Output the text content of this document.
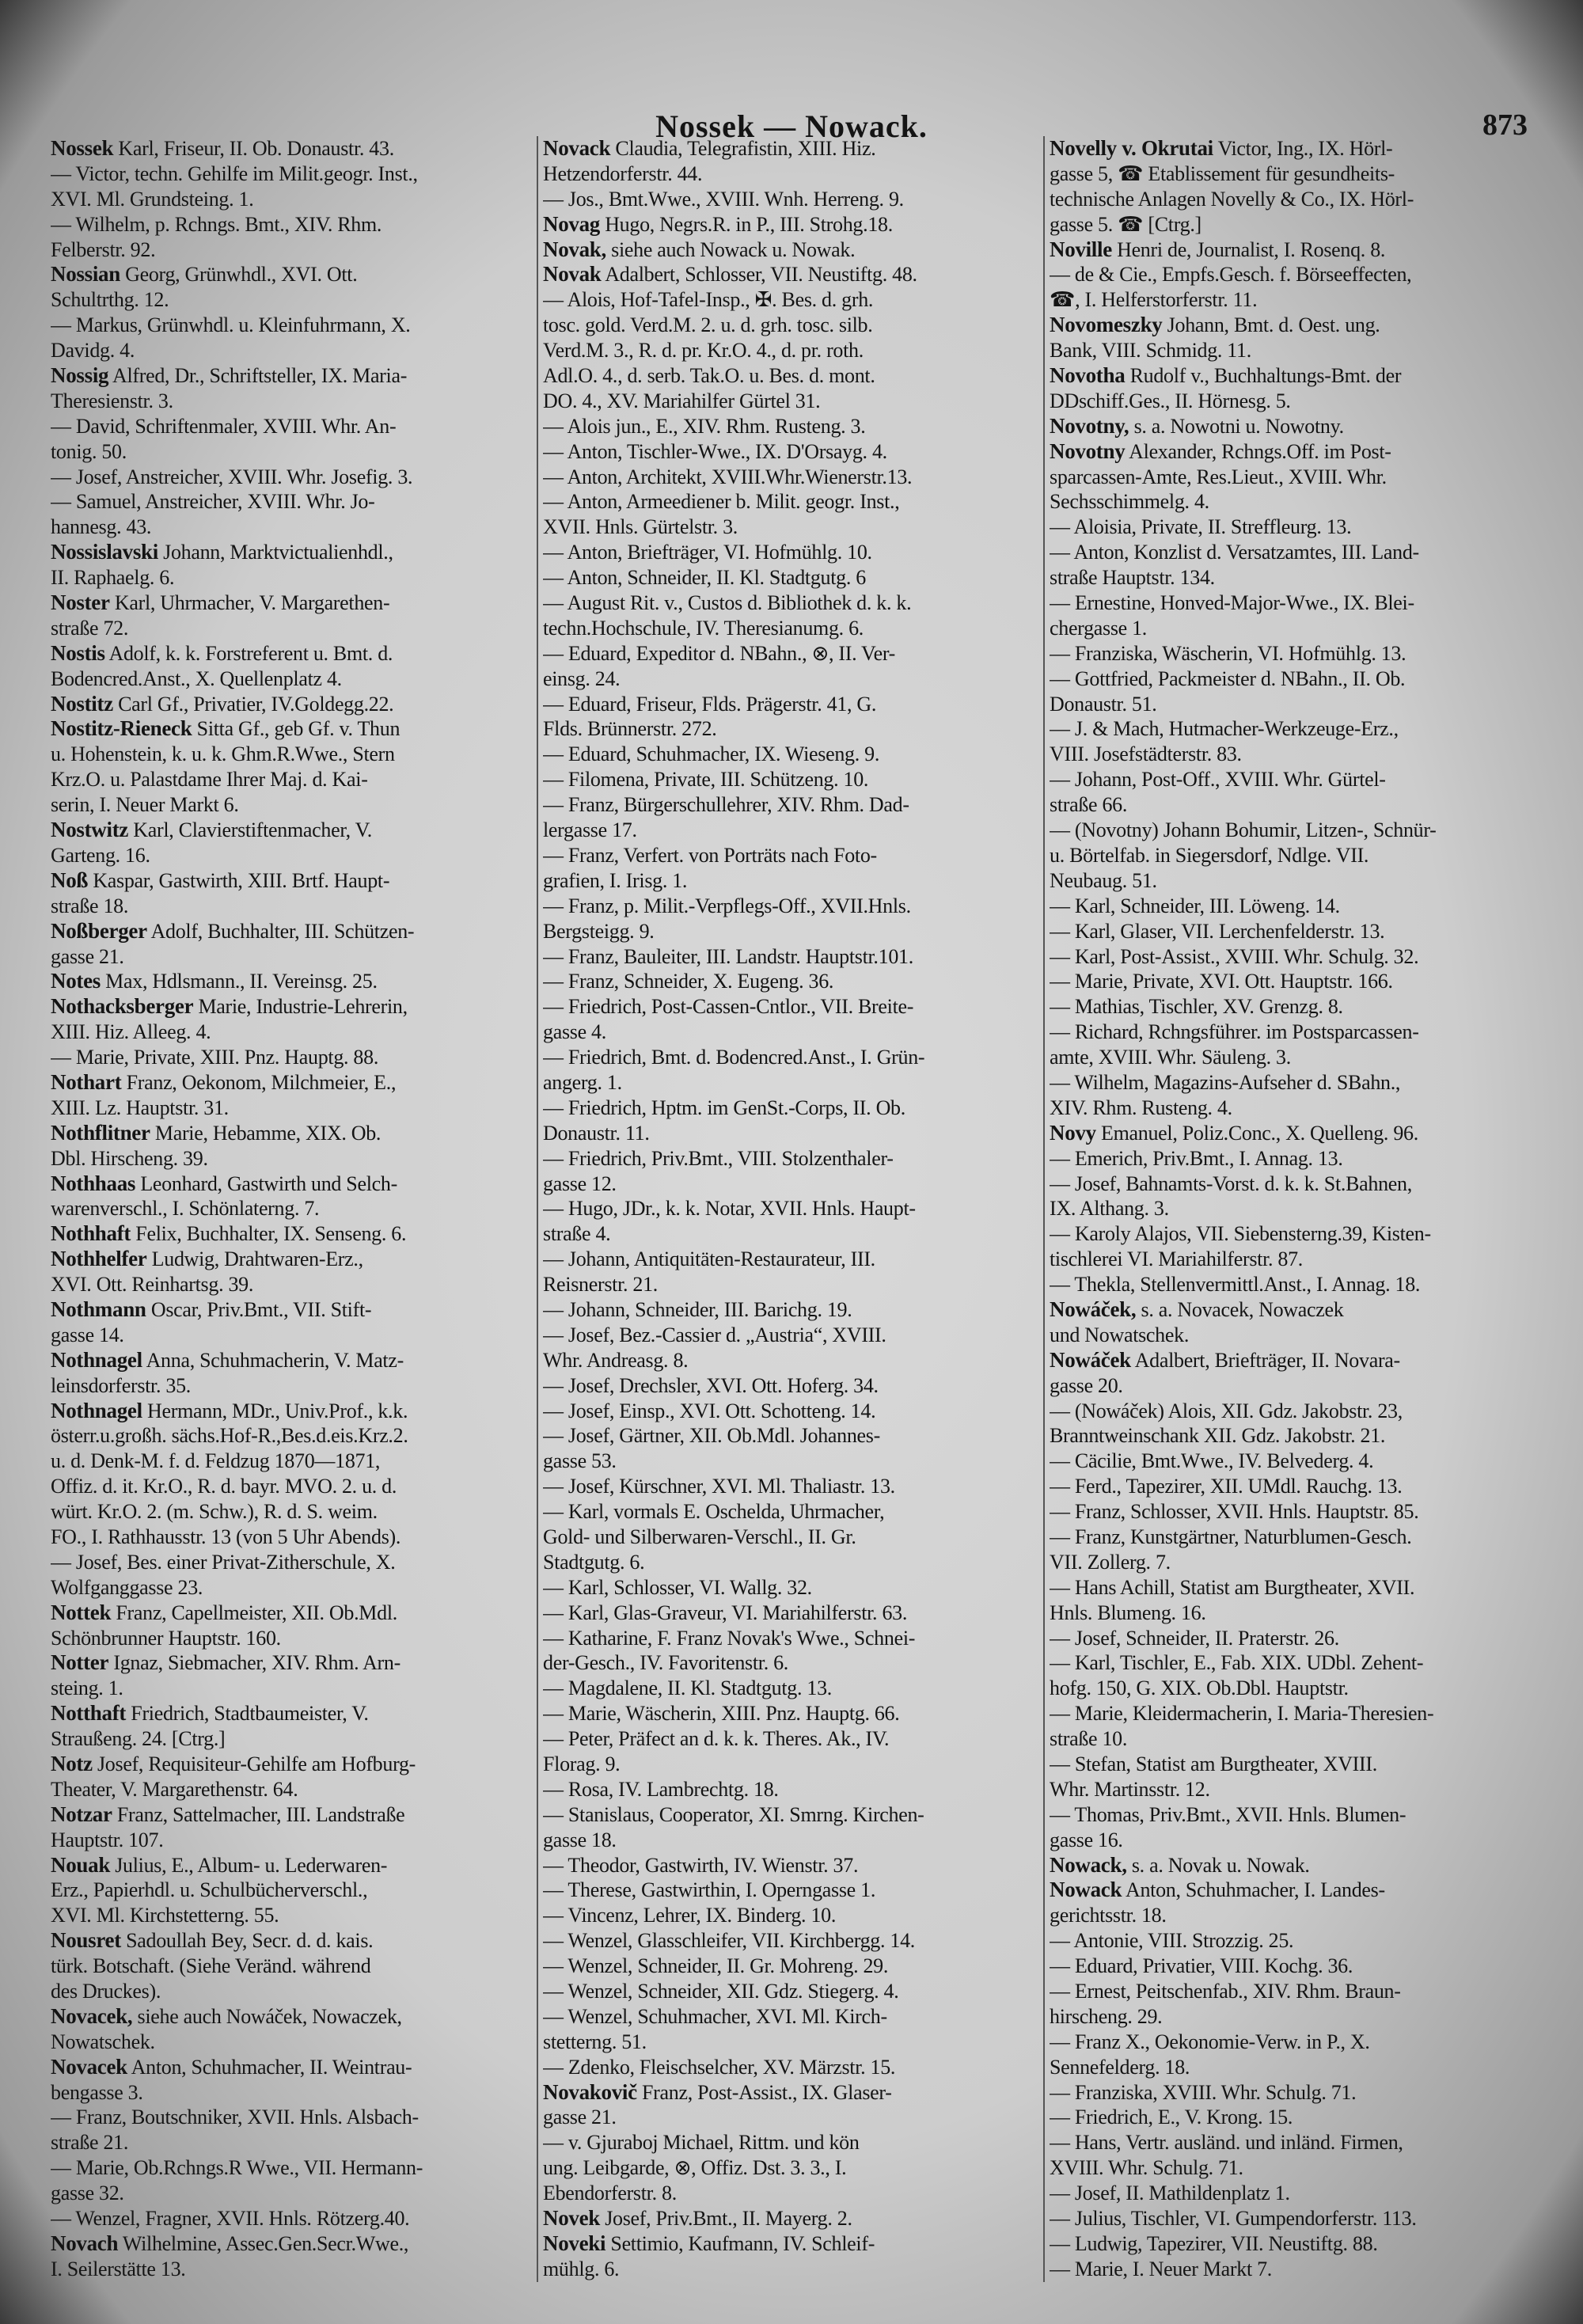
Nossek — Nowack.	873
Nossek Karl, Friseur, II. Ob. Donaustr. 43.
— Victor, techn. Gehilfe im Milit.geogr. Inst.,
XVI. Ml. Grundsteing. 1.
— Wilhelm, p. Rchngs. Bmt., XIV. Rhm.
Felberstr. 92.
Nossian Georg, Grünwhdl., XVI. Ott.
Schultrthg. 12.
— Markus, Grünwhdl. u. Kleinfuhrmann, X.
Davidg. 4.
Nossig Alfred, Dr., Schriftsteller, IX. Maria-
Theresienstr. 3.
— David, Schriftenmaler, XVIII. Whr. An-
tonig. 50.
— Josef, Anstreicher, XVIII. Whr. Josefig. 3.
— Samuel, Anstreicher, XVIII. Whr. Jo-
hannesg. 43.
Nossislavski Johann, Marktvictualienhdl.,
II. Raphaelg. 6.
Noster Karl, Uhrmacher, V. Margarethen-
straße 72.
Nostis Adolf, k. k. Forstreferent u. Bmt. d.
Bodencred.Anst., X. Quellenplatz 4.
Nostitz Carl Gf., Privatier, IV.Goldegg.22.
Nostitz-Rieneck Sitta Gf., geb Gf. v. Thun
u. Hohenstein, k. u. k. Ghm.R.Wwe., Stern
Krz.O. u. Palastdame Ihrer Maj. d. Kai-
serin, I. Neuer Markt 6.
Nostwitz Karl, Clavierstiftenmacher, V.
Garteng. 16.
Noß Kaspar, Gastwirth, XIII. Brtf. Haupt-
straße 18.
Noßberger Adolf, Buchhalter, III. Schützen-
gasse 21.
Notes Max, Hdlsmann., II. Vereinsg. 25.
Nothacksberger Marie, Industrie-Lehrerin,
XIII. Hiz. Alleeg. 4.
— Marie, Private, XIII. Pnz. Hauptg. 88.
Nothart Franz, Oekonom, Milchmeier, E.,
XIII. Lz. Hauptstr. 31.
Nothflitner Marie, Hebamme, XIX. Ob.
Dbl. Hirscheng. 39.
Nothhaas Leonhard, Gastwirth und Selch-
warenverschl., I. Schönlaterng. 7.
Nothhaft Felix, Buchhalter, IX. Senseng. 6.
Nothhelfer Ludwig, Drahtwaren-Erz.,
XVI. Ott. Reinhartsg. 39.
Nothmann Oscar, Priv.Bmt., VII. Stift-
gasse 14.
Nothnagel Anna, Schuhmacherin, V. Matz-
leinsdorferstr. 35.
Nothnagel Hermann, MDr., Univ.Prof., k.k.
österr.u.großh. sächs.Hof-R.,Bes.d.eis.Krz.2.
u. d. Denk-M. f. d. Feldzug 1870—1871,
Offiz. d. it. Kr.O., R. d. bayr. MVO. 2. u. d.
würt. Kr.O. 2. (m. Schw.), R. d. S. weim.
FO., I. Rathhausstr. 13 (von 5 Uhr Abends).
— Josef, Bes. einer Privat-Zitherschule, X.
Wolfganggasse 23.
Nottek Franz, Capellmeister, XII. Ob.Mdl.
Schönbrunner Hauptstr. 160.
Notter Ignaz, Siebmacher, XIV. Rhm. Arn-
steing. 1.
Notthaft Friedrich, Stadtbaumeister, V.
Straußeng. 24. [Ctrg.]
Notz Josef, Requisiteur-Gehilfe am Hofburg-
Theater, V. Margarethenstr. 64.
Notzar Franz, Sattelmacher, III. Landstraße
Hauptstr. 107.
Nouak Julius, E., Album- u. Lederwaren-
Erz., Papierhdl. u. Schulbücherverschl.,
XVI. Ml. Kirchstetterng. 55.
Nousret Sadoullah Bey, Secr. d. d. kais.
türk. Botschaft. (Siehe Veränd. während
des Druckes).
Novacek, siehe auch Nowáček, Nowaczek,
Nowatschek.
Novacek Anton, Schuhmacher, II. Weintrau-
bengasse 3.
— Franz, Boutschniker, XVII. Hnls. Alsbach-
straße 21.
— Marie, Ob.Rchngs.R Wwe., VII. Hermann-
gasse 32.
— Wenzel, Fragner, XVII. Hnls. Rötzerg.40.
Novach Wilhelmine, Assec.Gen.Secr.Wwe.,
I. Seilerstätte 13.
Novack Claudia, Telegrafistin, XIII. Hiz.
Hetzendorferstr. 44.
— Jos., Bmt.Wwe., XVIII. Wnh. Herreng. 9.
Novag Hugo, Negrs.R. in P., III. Strohg.18.
Novak, siehe auch Nowack u. Nowak.
Novak Adalbert, Schlosser, VII. Neustiftg. 48.
— Alois, Hof-Tafel-Insp., ✠. Bes. d. grh.
tosc. gold. Verd.M. 2. u. d. grh. tosc. silb.
Verd.M. 3., R. d. pr. Kr.O. 4., d. pr. roth.
Adl.O. 4., d. serb. Tak.O. u. Bes. d. mont.
DO. 4., XV. Mariahilfer Gürtel 31.
— Alois jun., E., XIV. Rhm. Rusteng. 3.
— Anton, Tischler-Wwe., IX. D'Orsayg. 4.
— Anton, Architekt, XVIII.Whr.Wienerstr.13.
— Anton, Armeediener b. Milit. geogr. Inst.,
XVII. Hnls. Gürtelstr. 3.
— Anton, Briefträger, VI. Hofmühlg. 10.
— Anton, Schneider, II. Kl. Stadtgutg. 6
— August Rit. v., Custos d. Bibliothek d. k. k.
techn.Hochschule, IV. Theresianumg. 6.
— Eduard, Expeditor d. NBahn., ⊗, II. Ver-
einsg. 24.
— Eduard, Friseur, Flds. Prägerstr. 41, G.
Flds. Brünnerstr. 272.
— Eduard, Schuhmacher, IX. Wieseng. 9.
— Filomena, Private, III. Schützeng. 10.
— Franz, Bürgerschullehrer, XIV. Rhm. Dad-
lergasse 17.
— Franz, Verfert. von Porträts nach Foto-
grafien, I. Irisg. 1.
— Franz, p. Milit.-Verpflegs-Off., XVII.Hnls.
Bergsteigg. 9.
— Franz, Bauleiter, III. Landstr. Hauptstr.101.
— Franz, Schneider, X. Eugeng. 36.
— Friedrich, Post-Cassen-Cntlor., VII. Breite-
gasse 4.
— Friedrich, Bmt. d. Bodencred.Anst., I. Grün-
angerg. 1.
— Friedrich, Hptm. im GenSt.-Corps, II. Ob.
Donaustr. 11.
— Friedrich, Priv.Bmt., VIII. Stolzenthaler-
gasse 12.
— Hugo, JDr., k. k. Notar, XVII. Hnls. Haupt-
straße 4.
— Johann, Antiquitäten-Restaurateur, III.
Reisnerstr. 21.
— Johann, Schneider, III. Barichg. 19.
— Josef, Bez.-Cassier d. „Austria“, XVIII.
Whr. Andreasg. 8.
— Josef, Drechsler, XVI. Ott. Hoferg. 34.
— Josef, Einsp., XVI. Ott. Schotteng. 14.
— Josef, Gärtner, XII. Ob.Mdl. Johannes-
gasse 53.
— Josef, Kürschner, XVI. Ml. Thaliastr. 13.
— Karl, vormals E. Oschelda, Uhrmacher,
Gold- und Silberwaren-Verschl., II. Gr.
Stadtgutg. 6.
— Karl, Schlosser, VI. Wallg. 32.
— Karl, Glas-Graveur, VI. Mariahilferstr. 63.
— Katharine, F. Franz Novak's Wwe., Schnei-
der-Gesch., IV. Favoritenstr. 6.
— Magdalene, II. Kl. Stadtgutg. 13.
— Marie, Wäscherin, XIII. Pnz. Hauptg. 66.
— Peter, Präfect an d. k. k. Theres. Ak., IV.
Florag. 9.
— Rosa, IV. Lambrechtg. 18.
— Stanislaus, Cooperator, XI. Smrng. Kirchen-
gasse 18.
— Theodor, Gastwirth, IV. Wienstr. 37.
— Therese, Gastwirthin, I. Operngasse 1.
— Vincenz, Lehrer, IX. Binderg. 10.
— Wenzel, Glasschleifer, VII. Kirchbergg. 14.
— Wenzel, Schneider, II. Gr. Mohreng. 29.
— Wenzel, Schneider, XII. Gdz. Stiegerg. 4.
— Wenzel, Schuhmacher, XVI. Ml. Kirch-
stetterng. 51.
— Zdenko, Fleischselcher, XV. Märzstr. 15.
Novakovič Franz, Post-Assist., IX. Glaser-
gasse 21.
— v. Gjuraboj Michael, Rittm. und kön
ung. Leibgarde, ⊗, Offiz. Dst. 3. 3., I.
Ebendorferstr. 8.
Novek Josef, Priv.Bmt., II. Mayerg. 2.
Noveki Settimio, Kaufmann, IV. Schleif-
mühlg. 6.
Novelly v. Okrutai Victor, Ing., IX. Hörl-
gasse 5, ☎ Etablissement für gesundheits-
technische Anlagen Novelly & Co., IX. Hörl-
gasse 5. ☎ [Ctrg.]
Noville Henri de, Journalist, I. Rosenq. 8.
— de & Cie., Empfs.Gesch. f. Börseeffecten,
☎, I. Helferstorferstr. 11.
Novomeszky Johann, Bmt. d. Oest. ung.
Bank, VIII. Schmidg. 11.
Novotha Rudolf v., Buchhaltungs-Bmt. der
DDschiff.Ges., II. Hörnesg. 5.
Novotny, s. a. Nowotni u. Nowotny.
Novotny Alexander, Rchngs.Off. im Post-
sparcassen-Amte, Res.Lieut., XVIII. Whr.
Sechsschimmelg. 4.
— Aloisia, Private, II. Streffleurg. 13.
— Anton, Konzlist d. Versatzamtes, III. Land-
straße Hauptstr. 134.
— Ernestine, Honved-Major-Wwe., IX. Blei-
chergasse 1.
— Franziska, Wäscherin, VI. Hofmühlg. 13.
— Gottfried, Packmeister d. NBahn., II. Ob.
Donaustr. 51.
— J. & Mach, Hutmacher-Werkzeuge-Erz.,
VIII. Josefstädterstr. 83.
— Johann, Post-Off., XVIII. Whr. Gürtel-
straße 66.
— (Novotny) Johann Bohumir, Litzen-, Schnür-
u. Börtelfab. in Siegersdorf, Ndlge. VII.
Neubaug. 51.
— Karl, Schneider, III. Löweng. 14.
— Karl, Glaser, VII. Lerchenfelderstr. 13.
— Karl, Post-Assist., XVIII. Whr. Schulg. 32.
— Marie, Private, XVI. Ott. Hauptstr. 166.
— Mathias, Tischler, XV. Grenzg. 8.
— Richard, Rchngsführer. im Postsparcassen-
amte, XVIII. Whr. Säuleng. 3.
— Wilhelm, Magazins-Aufseher d. SBahn.,
XIV. Rhm. Rusteng. 4.
Novy Emanuel, Poliz.Conc., X. Quelleng. 96.
— Emerich, Priv.Bmt., I. Annag. 13.
— Josef, Bahnamts-Vorst. d. k. k. St.Bahnen,
IX. Althang. 3.
— Karoly Alajos, VII. Siebensterng.39, Kisten-
tischlerei VI. Mariahilferstr. 87.
— Thekla, Stellenvermittl.Anst., I. Annag. 18.
Nowáček, s. a. Novacek, Nowaczek
und Nowatschek.
Nowáček Adalbert, Briefträger, II. Novara-
gasse 20.
— (Nowáček) Alois, XII. Gdz. Jakobstr. 23,
Branntweinschank XII. Gdz. Jakobstr. 21.
— Cäcilie, Bmt.Wwe., IV. Belvederg. 4.
— Ferd., Tapezirer, XII. UMdl. Rauchg. 13.
— Franz, Schlosser, XVII. Hnls. Hauptstr. 85.
— Franz, Kunstgärtner, Naturblumen-Gesch.
VII. Zollerg. 7.
— Hans Achill, Statist am Burgtheater, XVII.
Hnls. Blumeng. 16.
— Josef, Schneider, II. Praterstr. 26.
— Karl, Tischler, E., Fab. XIX. UDbl. Zehent-
hofg. 150, G. XIX. Ob.Dbl. Hauptstr.
— Marie, Kleidermacherin, I. Maria-Theresien-
straße 10.
— Stefan, Statist am Burgtheater, XVIII.
Whr. Martinsstr. 12.
— Thomas, Priv.Bmt., XVII. Hnls. Blumen-
gasse 16.
Nowack, s. a. Novak u. Nowak.
Nowack Anton, Schuhmacher, I. Landes-
gerichtsstr. 18.
— Antonie, VIII. Strozzig. 25.
— Eduard, Privatier, VIII. Kochg. 36.
— Ernest, Peitschenfab., XIV. Rhm. Braun-
hirscheng. 29.
— Franz X., Oekonomie-Verw. in P., X.
Sennefelderg. 18.
— Franziska, XVIII. Whr. Schulg. 71.
— Friedrich, E., V. Krong. 15.
— Hans, Vertr. ausländ. und inländ. Firmen,
XVIII. Whr. Schulg. 71.
— Josef, II. Mathildenplatz 1.
— Julius, Tischler, VI. Gumpendorferstr. 113.
— Ludwig, Tapezirer, VII. Neustiftg. 88.
— Marie, I. Neuer Markt 7.
